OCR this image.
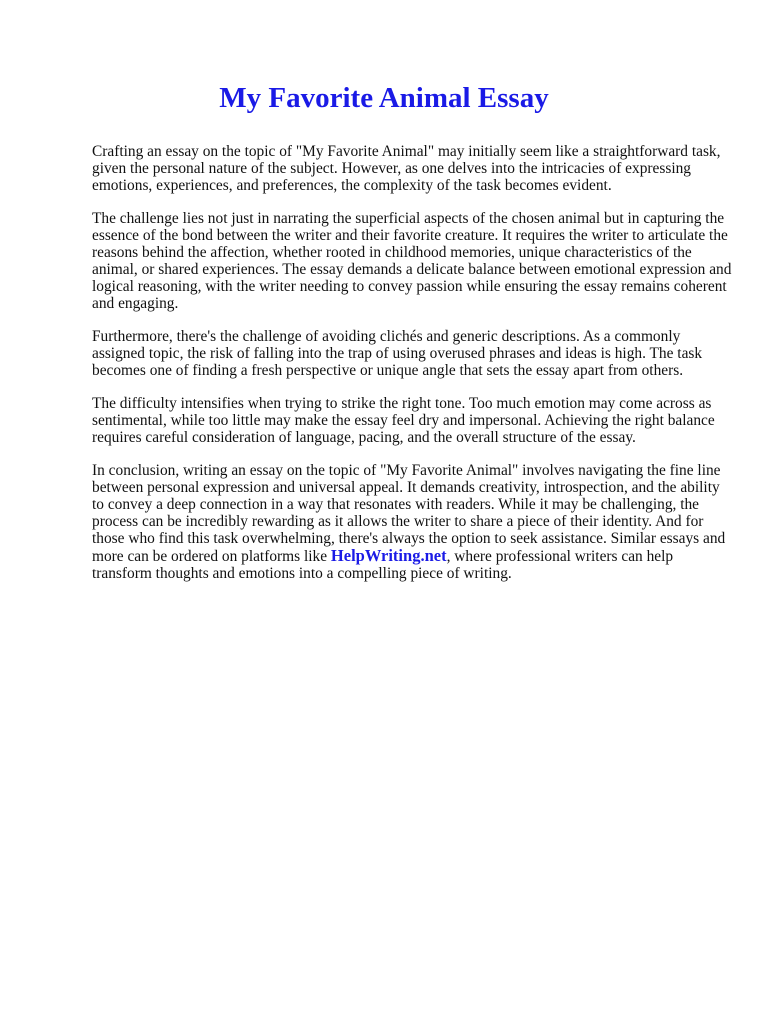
My Favorite Animal Essay

Crafting an essay on the topic of "My Favorite Animal" may initially seem like a straightforward task, given the personal nature of the subject. However, as one delves into the intricacies of expressing emotions, experiences, and preferences, the complexity of the task becomes evident.

The challenge lies not just in narrating the superficial aspects of the chosen animal but in capturing the essence of the bond between the writer and their favorite creature. It requires the writer to articulate the reasons behind the affection, whether rooted in childhood memories, unique characteristics of the animal, or shared experiences. The essay demands a delicate balance between emotional expression and logical reasoning, with the writer needing to convey passion while ensuring the essay remains coherent and engaging.

Furthermore, there's the challenge of avoiding clichés and generic descriptions. As a commonly assigned topic, the risk of falling into the trap of using overused phrases and ideas is high. The task becomes one of finding a fresh perspective or unique angle that sets the essay apart from others.

The difficulty intensifies when trying to strike the right tone. Too much emotion may come across as sentimental, while too little may make the essay feel dry and impersonal. Achieving the right balance requires careful consideration of language, pacing, and the overall structure of the essay.

In conclusion, writing an essay on the topic of "My Favorite Animal" involves navigating the fine line between personal expression and universal appeal. It demands creativity, introspection, and the ability to convey a deep connection in a way that resonates with readers. While it may be challenging, the process can be incredibly rewarding as it allows the writer to share a piece of their identity. And for those who find this task overwhelming, there's always the option to seek assistance. Similar essays and more can be ordered on platforms like HelpWriting.net, where professional writers can help transform thoughts and emotions into a compelling piece of writing.
